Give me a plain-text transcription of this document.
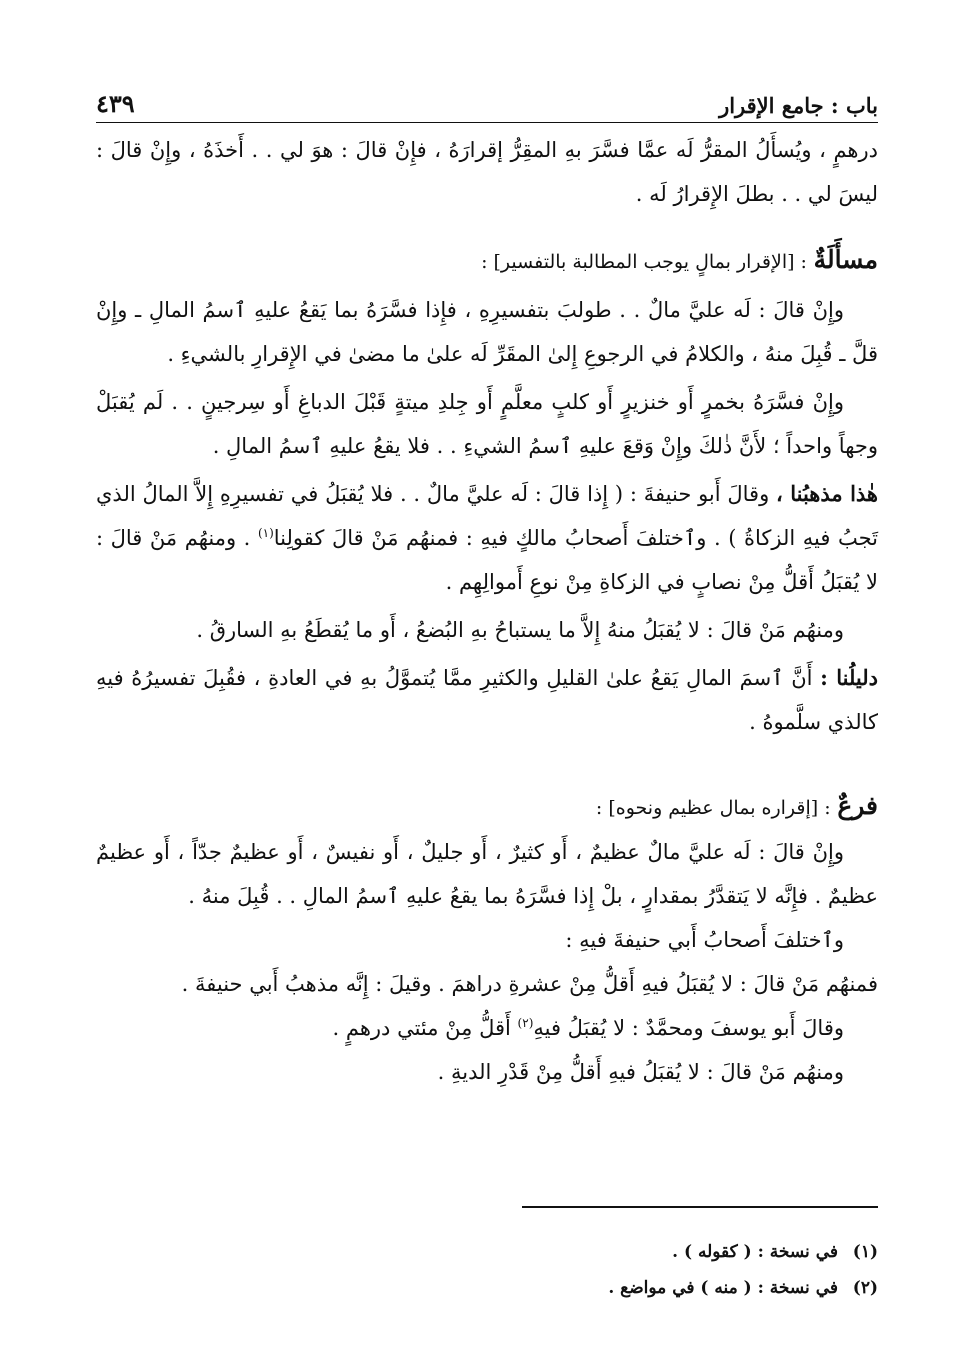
باب : جامع الإقرار
٤٣٩

درهمٍ ، ويُسأَلُ المقرُّ لَه عمَّا فسَّرَ بهِ المقِرُّ إقرارَهُ ، فإِنْ قالَ : هوَ لي . . أَخذَهُ ، وإِنْ قالَ : ليسَ لي . . بطلَ الإِقرارُ لَه .

مسأَلَةٌ : [الإقرار بمالٍ يوجب المطالبة بالتفسير] :

وإِنْ قالَ : لَه عليَّ مالٌ . . طولبَ بتفسيرِهِ ، فإِذا فسَّرَهُ بما يَقعُ عليهِ ٱسمُ المالِ ـ وإِنْ قلَّ ـ قُبِلَ منهُ ، والكلامُ في الرجوعِ إِلىٰ المقَرِّ لَه علىٰ ما مضىٰ في الإِقرارِ بالشيءِ .

وإِنْ فسَّرَهُ بخمرٍ أَو خنزيرٍ أَو كلبٍ معلَّمٍ أَو جِلدِ ميتةٍ قَبْلَ الدباغِ أَو سِرجينٍ . . لَم يُقبَلْ وجهاً واحداً ؛ لأَنَّ ذٰلكَ وإِنْ وَقعَ عليهِ ٱسمُ الشيءِ . . فلا يقعُ عليهِ ٱسمُ المالِ .

هٰذا مذهبُنا ، وقالَ أَبو حنيفةَ : ( إِذا قالَ : لَه عليَّ مالٌ . . فلا يُقبَلُ في تفسيرِهِ إِلاَّ المالُ الذي تَجبُ فيهِ الزكاةُ ) . وٱختلفَ أَصحابُ مالكٍ فيهِ : فمنهُم مَنْ قالَ كقولِنا$^{(١)}$ . ومنهُم مَنْ قالَ : لا يُقبَلُ أَقلُّ مِنْ نصابٍ في الزكاةِ مِنْ نوعِ أَموالِهِم .

ومنهُم مَنْ قالَ : لا يُقبَلُ منهُ إِلاَّ ما يستباحُ بهِ البُضعُ ، أَو ما يُقطَعُ بهِ السارقُ .

دليلُنا : أَنَّ ٱسمَ المالِ يَقعُ علىٰ القليلِ والكثيرِ ممَّا يُتموَّلُ بهِ في العادةِ ، فقُبِلَ تفسيرُهُ فيهِ كالذي سلَّموهُ .

فرعٌ : [إقراره بمال عظيم ونحوه] :

وإِنْ قالَ : لَه عليَّ مالٌ عظيمٌ ، أَو كثيرٌ ، أَو جليلٌ ، أَو نفيسٌ ، أَو عظيمٌ جدّاً ، أَو عظيمٌ عظيمٌ . فإِنَّه لا يَتقدَّرُ بمقدارٍ ، بلْ إِذا فسَّرَهُ بما يقعُ عليهِ ٱسمُ المالِ . . قُبِلَ منهُ .

وٱختلفَ أَصحابُ أَبي حنيفةَ فيهِ :

فمنهُم مَنْ قالَ : لا يُقبَلُ فيهِ أَقلُّ مِنْ عشرةِ دراهمَ . وقيلَ : إِنَّه مذهبُ أَبي حنيفةَ .

وقالَ أَبو يوسفَ ومحمَّدٌ : لا يُقبَلُ فيهِ$^{(٢)}$ أَقلُّ مِنْ مئتي درهمٍ .

ومنهُم مَنْ قالَ : لا يُقبَلُ فيهِ أَقلُّ مِنْ قَدْرِ الديةِ .

(١)في نسخة : ( كقوله ) .
(٢)في نسخة : ( منه ) في مواضع .
